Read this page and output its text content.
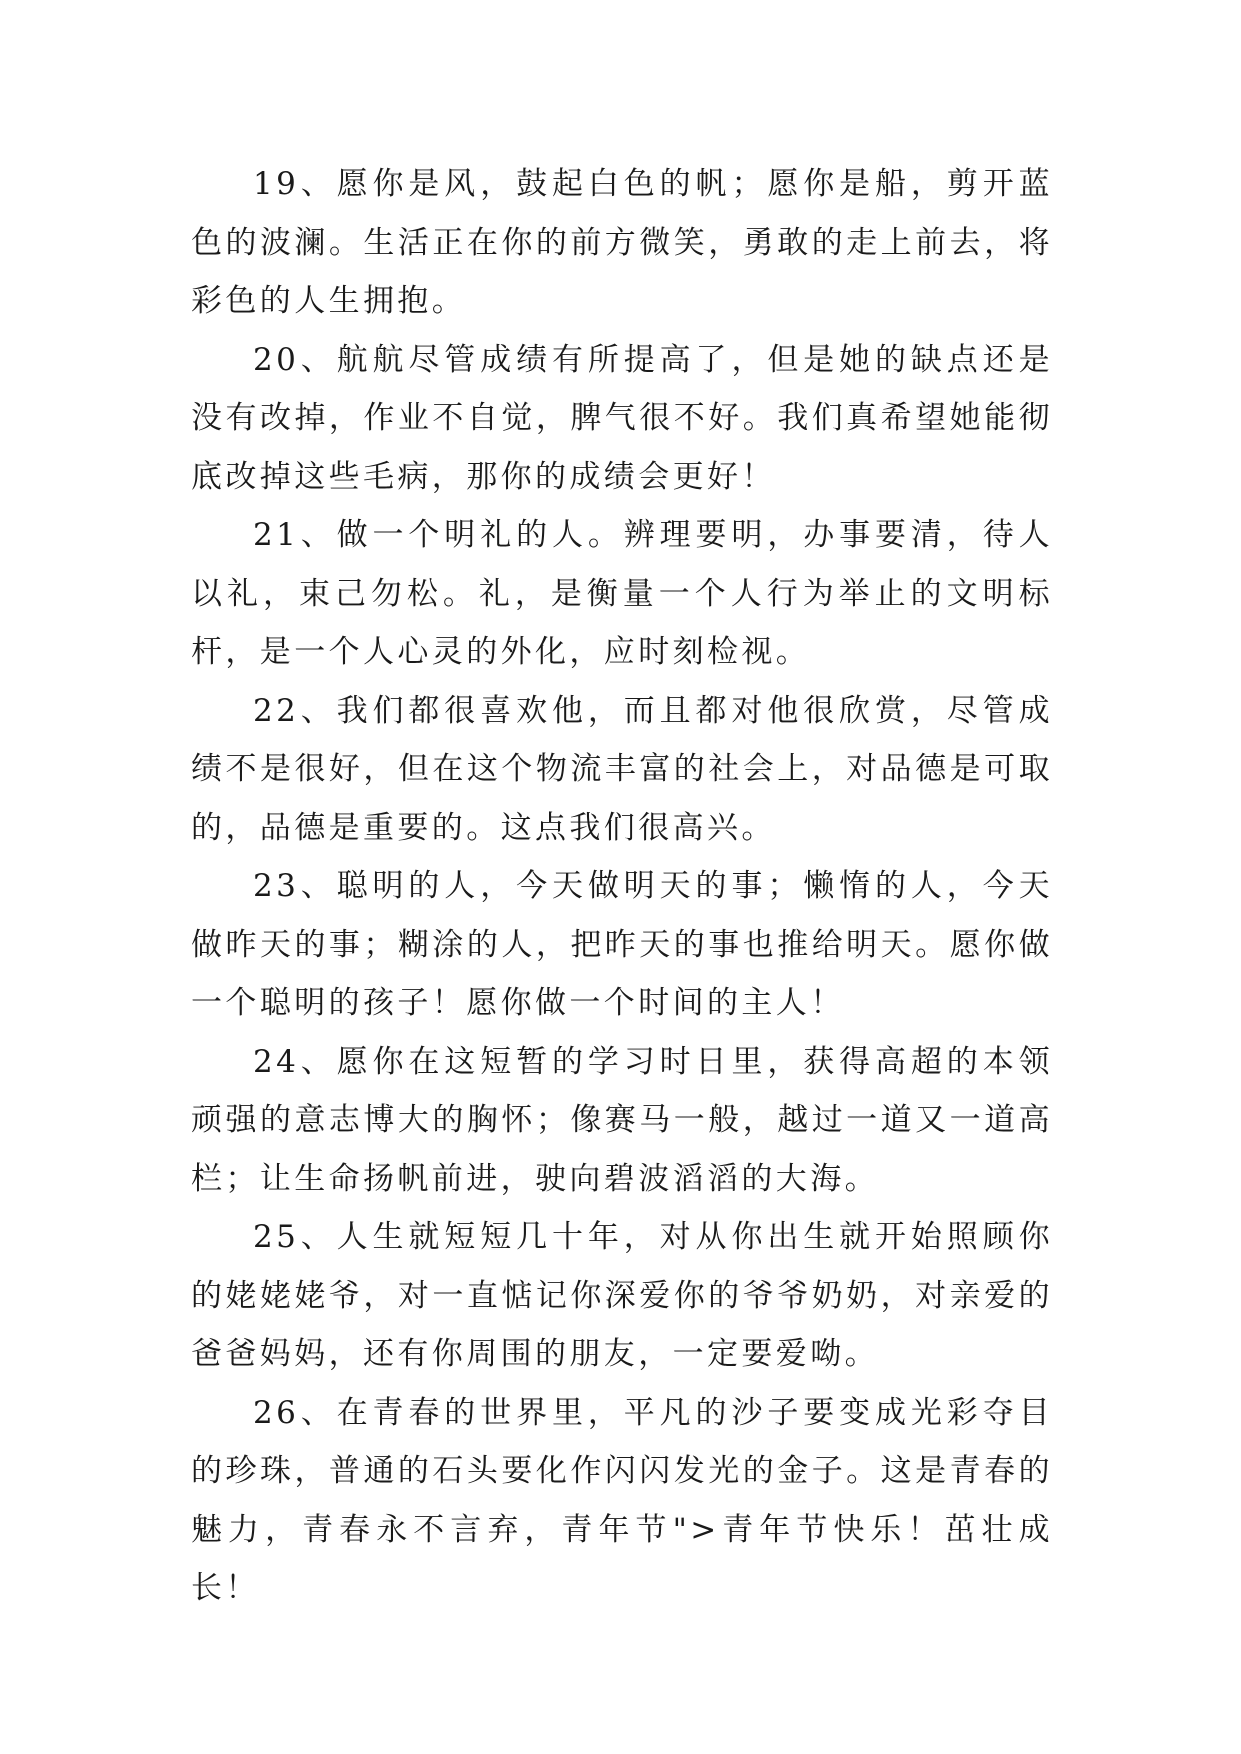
19、愿你是风，鼓起白色的帆；愿你是船，剪开蓝色的波澜。生活正在你的前方微笑，勇敢的走上前去，将彩色的人生拥抱。

20、航航尽管成绩有所提高了，但是她的缺点还是没有改掉，作业不自觉，脾气很不好。我们真希望她能彻底改掉这些毛病，那你的成绩会更好！

21、做一个明礼的人。辨理要明，办事要清，待人以礼，束己勿松。礼，是衡量一个人行为举止的文明标杆，是一个人心灵的外化，应时刻检视。

22、我们都很喜欢他，而且都对他很欣赏，尽管成绩不是很好，但在这个物流丰富的社会上，对品德是可取的，品德是重要的。这点我们很高兴。

23、聪明的人，今天做明天的事；懒惰的人，今天做昨天的事；糊涂的人，把昨天的事也推给明天。愿你做一个聪明的孩子！愿你做一个时间的主人！

24、愿你在这短暂的学习时日里，获得高超的本领顽强的意志博大的胸怀；像赛马一般，越过一道又一道高栏；让生命扬帆前进，驶向碧波滔滔的大海。

25、人生就短短几十年，对从你出生就开始照顾你的姥姥姥爷，对一直惦记你深爱你的爷爷奶奶，对亲爱的爸爸妈妈，还有你周围的朋友，一定要爱呦。

26、在青春的世界里，平凡的沙子要变成光彩夺目的珍珠，普通的石头要化作闪闪发光的金子。这是青春的魅力，青春永不言弃，青年节">青年节快乐！茁壮成长！
